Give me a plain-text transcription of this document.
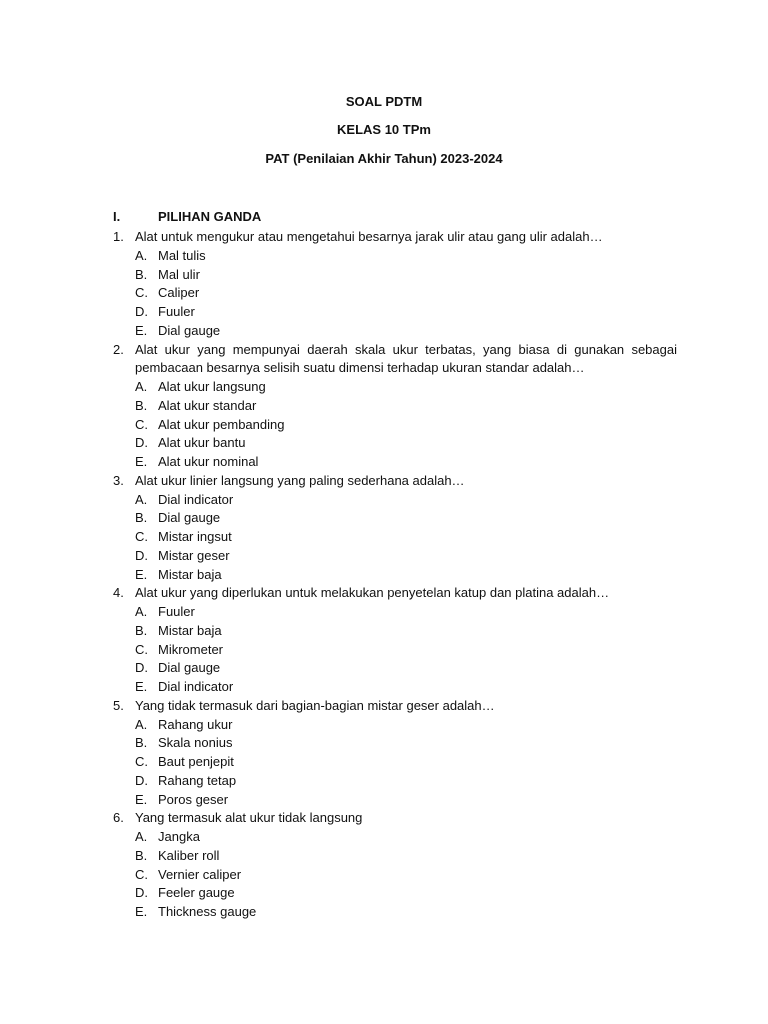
SOAL PDTM
KELAS 10 TPm
PAT (Penilaian Akhir Tahun) 2023-2024
I.	PILIHAN GANDA
1. Alat untuk mengukur atau mengetahui besarnya jarak ulir atau gang ulir adalah…
A. Mal tulis
B. Mal ulir
C. Caliper
D. Fuuler
E. Dial gauge
2. Alat ukur yang mempunyai daerah skala ukur terbatas, yang biasa di gunakan sebagai pembacaan besarnya selisih suatu dimensi terhadap ukuran standar adalah…
A. Alat ukur langsung
B. Alat ukur standar
C. Alat ukur pembanding
D. Alat ukur bantu
E. Alat ukur nominal
3. Alat ukur linier langsung yang paling sederhana adalah…
A. Dial indicator
B. Dial gauge
C. Mistar ingsut
D. Mistar geser
E. Mistar baja
4. Alat ukur yang diperlukan untuk melakukan penyetelan katup dan platina adalah…
A. Fuuler
B. Mistar baja
C. Mikrometer
D. Dial gauge
E. Dial indicator
5. Yang tidak termasuk dari bagian-bagian mistar geser adalah…
A. Rahang ukur
B. Skala nonius
C. Baut penjepit
D. Rahang tetap
E. Poros geser
6. Yang termasuk alat ukur tidak langsung
A. Jangka
B. Kaliber roll
C. Vernier caliper
D. Feeler gauge
E. Thickness gauge
